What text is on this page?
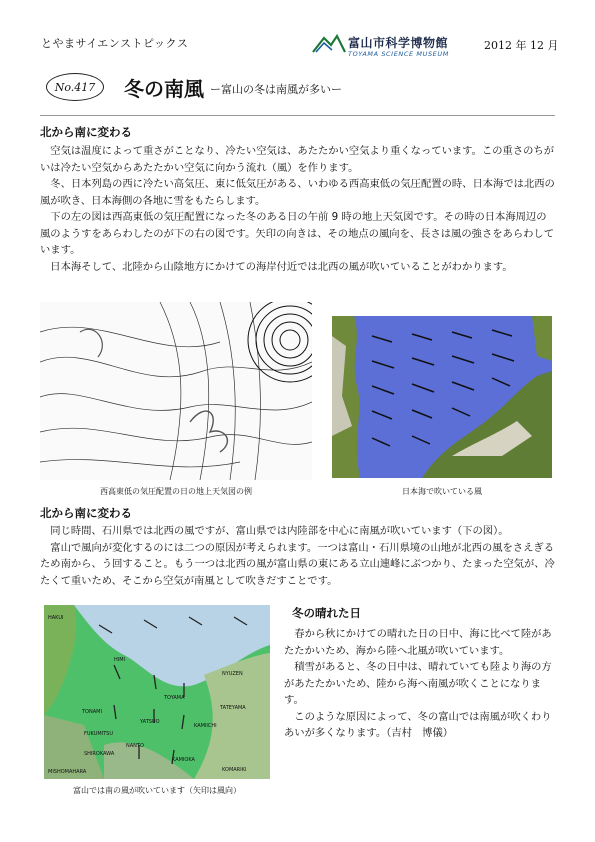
とやまサイエンストピックス	富山市科学博物館
TOYAMA SCIENCE MUSEUM
2012 年 12 月
No.417	冬の南風 ー富山の冬は南風が多いー
北から南に変わる

空気は温度によって重さがことなり、冷たい空気は、あたたかい空気より重くなっています。この重さのちがいは冷たい空気からあたたかい空気に向かう流れ（風）を作ります。

冬、日本列島の西に冷たい高気圧、東に低気圧がある、いわゆる西高東低の気圧配置の時、日本海では北西の風が吹き、日本海側の各地に雪をもたらします。

下の左の図は西高東低の気圧配置になった冬のある日の午前 9 時の地上天気図です。その時の日本海周辺の風のようすをあらわしたのが下の右の図です。矢印の向きは、その地点の風向を、長さは風の強さをあらわしています。

日本海そして、北陸から山陰地方にかけての海岸付近では北西の風が吹いていることがわかります。

西高東低の気圧配置の日の地上天気図の例	日本海で吹いている風
北から南に変わる

同じ時間、石川県では北西の風ですが、富山県では内陸部を中心に南風が吹いています（下の図）。

富山で風向が変化するのには二つの原因が考えられます。一つは富山・石川県境の山地が北西の風をさえぎるため南から、う回すること。もう一つは北西の風が富山県の東にある立山連峰にぶつかり、たまった空気が、冷たくて重いため、そこから空気が南風として吹きだすことです。

HAKUI
HIMI
TOYAMA
NYUZEN
TATEYAMA
TONAMI
FUKUMITSU
YATSUO
KAMIICHI
SHIROKAWA
NANTO
KAMIOKA
MISHOMAHARA	KOMARIKI
富山では南の風が吹いています（矢印は風向）
冬の晴れた日

春から秋にかけての晴れた日の日中、海に比べて陸があたたかいため、海から陸へ北風が吹いています。

積雪があると、冬の日中は、晴れていても陸より海の方があたたかいため、陸から海へ南風が吹くことになります。

このような原因によって、冬の富山では南風が吹くわりあいが多くなります。（吉村　博儀）
